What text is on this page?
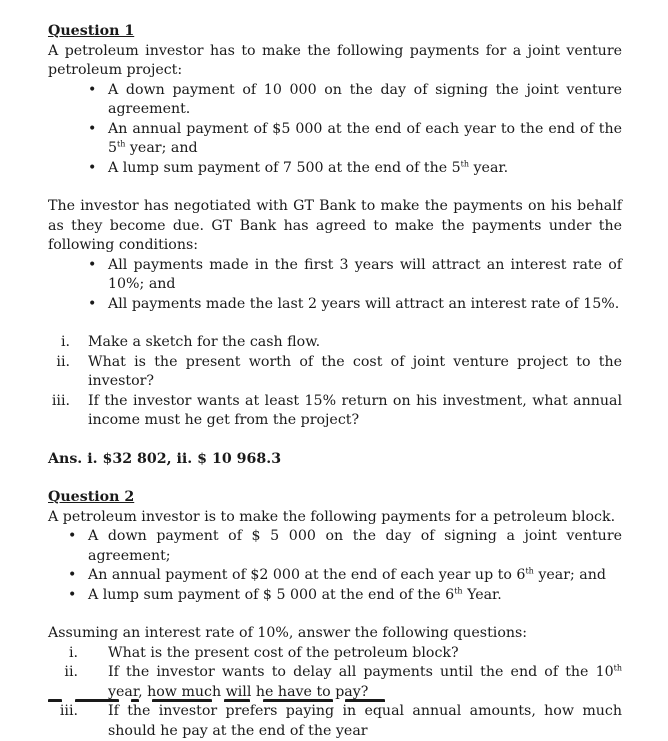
Question 1

A petroleum investor has to make the following payments for a joint venture petroleum project:

• A down payment of 10 000 on the day of signing the joint venture agreement.
• An annual payment of $5 000 at the end of each year to the end of the 5th year; and
• A lump sum payment of 7 500 at the end of the 5th year.

The investor has negotiated with GT Bank to make the payments on his behalf as they become due. GT Bank has agreed to make the payments under the following conditions:

• All payments made in the first 3 years will attract an interest rate of 10%; and
• All payments made the last 2 years will attract an interest rate of 15%.
i. Make a sketch for the cash flow.
ii. What is the present worth of the cost of joint venture project to the investor?
iii. If the investor wants at least 15% return on his investment, what annual income must he get from the project?

Ans. i. $32 802, ii. $ 10 968.3

Question 2

A petroleum investor is to make the following payments for a petroleum block.

• A down payment of $ 5 000 on the day of signing a joint venture agreement;
• An annual payment of $2 000 at the end of each year up to 6th year; and
• A lump sum payment of $ 5 000 at the end of the 6th Year.

Assuming an interest rate of 10%, answer the following questions:

i. What is the present cost of the petroleum block?
ii. If the investor wants to delay all payments until the end of the 10th year, how much will he have to pay?
iii. If the investor prefers paying in equal annual amounts, how much should he pay at the end of the year
